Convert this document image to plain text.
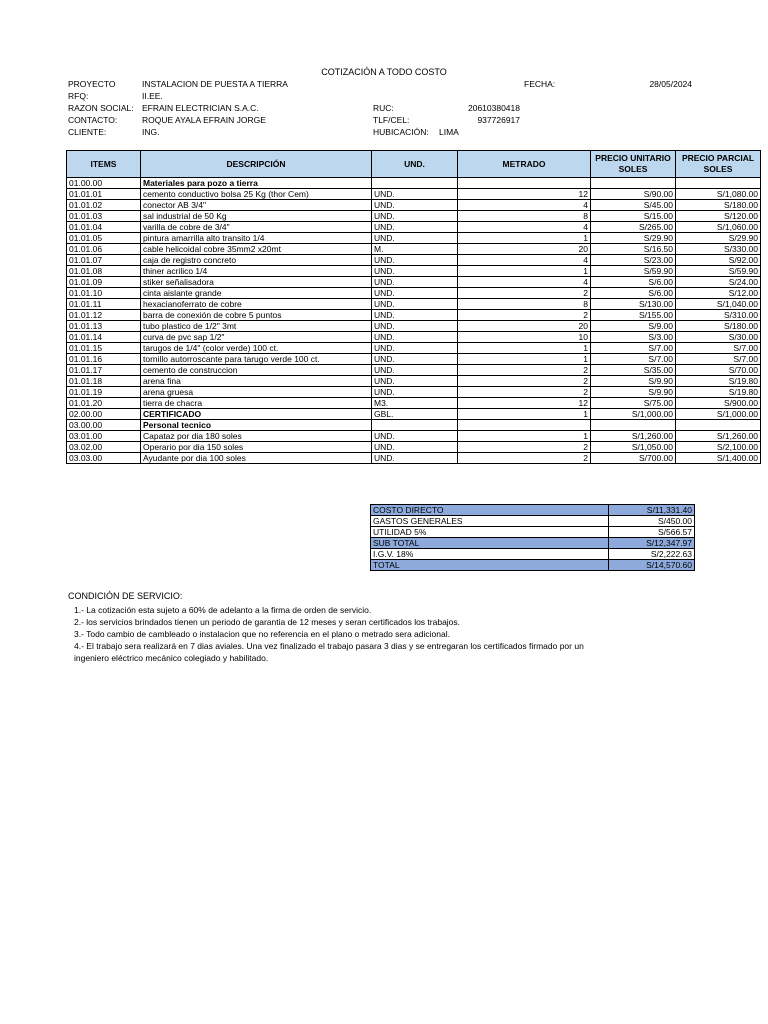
COTIZACIÓN A TODO COSTO
PROYECTO	INSTALACION DE PUESTA A TIERRA	FECHA:	28/05/2024
RFQ:	II.EE.
RAZON SOCIAL: EFRAIN ELECTRICIAN S.A.C.	RUC:	20610380418
CONTACTO:	ROQUE AYALA EFRAIN JORGE	TLF/CEL:	937726917
CLIENTE:	ING.	HUBICACIÓN: LIMA
ITEMS	DESCRIPCIÓN	UND.	METRADO	PRECIO UNITARIO SOLES	PRECIO PARCIAL SOLES
01.00.00	Materiales para pozo a tierra				
01.01.01	cemento conductivo bolsa 25 Kg (thor Cem)	UND.	12	S/90.00	S/1,080.00
01.01.02	conector AB 3/4"	UND.	4	S/45.00	S/180.00
01.01.03	sal industrial de 50 Kg	UND.	8	S/15.00	S/120.00
01.01.04	varilla de cobre de 3/4"	UND.	4	S/265.00	S/1,060.00
01.01.05	pintura amarrilla alto transito 1/4	UND.	1	S/29.90	S/29.90
01.01.06	cable helicoidal cobre 35mm2 x20mt	M.	20	S/16.50	S/330.00
01.01.07	caja de registro concreto	UND.	4	S/23.00	S/92.00
01.01.08	thiner acrilico 1/4	UND.	1	S/59.90	S/59.90
01.01.09	stiker señalisadora	UND.	4	S/6.00	S/24.00
01.01.10	cinta aislante grande	UND.	2	S/6.00	S/12.00
01.01.11	hexacianoferrato de cobre	UND.	8	S/130.00	S/1,040.00
01.01.12	barra de conexión de cobre 5 puntos	UND.	2	S/155.00	S/310.00
01.01.13	tubo plastico de 1/2" 3mt	UND.	20	S/9.00	S/180.00
01.01.14	curva de pvc sap 1/2"	UND.	10	S/3.00	S/30.00
01.01.15	tarugos de 1/4" (color verde) 100 ct.	UND.	1	S/7.00	S/7.00
01.01.16	tornillo autorroscante para tarugo verde 100 ct.	UND.	1	S/7.00	S/7.00
01.01.17	cemento de construccion	UND.	2	S/35.00	S/70.00
01.01.18	arena fina	UND.	2	S/9.90	S/19.80
01.01.19	arena gruesa	UND.	2	S/9.90	S/19.80
01.01.20	tierra de chacra	M3.	12	S/75.00	S/900.00
02.00.00	CERTIFICADO	GBL.	1	S/1,000.00	S/1,000.00
03.00.00	Personal tecnico				
03.01.00	Capataz por dia 180 soles	UND.	1	S/1,260.00	S/1,260.00
03.02.00	Operario por dia 150 soles	UND.	2	S/1,050.00	S/2,100.00
03.03.00	Ayudante por dia 100 soles	UND.	2	S/700.00	S/1,400.00
COSTO DIRECTO	S/11,331.40
GASTOS GENERALES	S/450.00
UTILIDAD 5%	S/566.57
SUB TOTAL	S/12,347.97
I.G.V. 18%	S/2,222.63
TOTAL	S/14,570.60
CONDICIÓN DE SERVICIO:
1.- La cotización esta sujeto a 60% de adelanto a la firma de orden de servicio.
2.- los servicios brindados tienen un periodo de garantia de 12 meses y seran certificados los trabajos.
3.- Todo cambio de cambleado o instalacion que no referencia en el plano o metrado sera adicional.
4.- El trabajo sera realizará en 7 dias aviales. Una vez finalizado el trabajo pasara 3 dias y se entregaran los certificados firmado por un
ingeniero eléctrico mecánico colegiado y habilitado.
